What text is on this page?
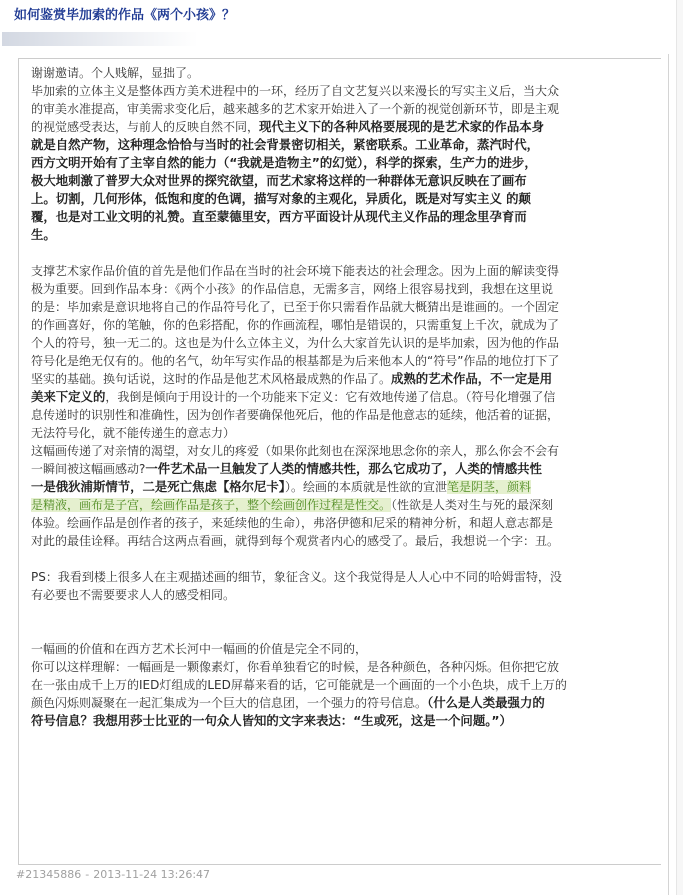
如何鉴赏毕加索的作品《两个小孩》？
谢谢邀请。个人贱解，显拙了。
毕加索的立体主义是整体西方美术进程中的一环，经历了自文艺复兴以来漫长的写实主义后，当大众
的审美水准提高，审美需求变化后，越来越多的艺术家开始进入了一个新的视觉创新环节，即是主观
的视觉感受表达，与前人的反映自然不同，现代主义下的各种风格要展现的是艺术家的作品本身
就是自然产物，这种理念恰恰与当时的社会背景密切相关，紧密联系。工业革命，蒸汽时代，
西方文明开始有了主宰自然的能力（“我就是造物主”的幻觉），科学的探索，生产力的进步，
极大地刺激了普罗大众对世界的探究欲望，而艺术家将这样的一种群体无意识反映在了画布
上。切割，几何形体，低饱和度的色调，描写对象的主观化，异质化，既是对写实主义 的颠
覆，也是对工业文明的礼赞。直至蒙德里安，西方平面设计从现代主义作品的理念里孕育而
生。
支撑艺术家作品价值的首先是他们作品在当时的社会环境下能表达的社会理念。因为上面的解读变得
极为重要。回到作品本身：《两个小孩》的作品信息，无需多言，网络上很容易找到，我想在这里说
的是：毕加索是意识地将自己的作品符号化了，已至于你只需看作品就大概猜出是谁画的。一个固定
的作画喜好，你的笔触，你的色彩搭配，你的作画流程，哪怕是错误的，只需重复上千次，就成为了
个人的符号，独一无二的。这也是为什么立体主义，为什么大家首先认识的是毕加索，因为他的作品
符号化是绝无仅有的。他的名气，幼年写实作品的根基都是为后来他本人的“符号”作品的地位打下了
坚实的基础。换句话说，这时的作品是他艺术风格最成熟的作品了。成熟的艺术作品，不一定是用
美来下定义的，我倒是倾向于用设计的一个功能来下定义：它有效地传递了信息。（符号化增强了信
息传递时的识别性和准确性，因为创作者要确保他死后，他的作品是他意志的延续，他活着的证据，
无法符号化，就不能传递生的意志力）
这幅画传递了对亲情的渴望，对女儿的疼爱（如果你此刻也在深深地思念你的亲人，那么你会不会有
一瞬间被这幅画感动?一件艺术品一旦触发了人类的情感共性，那么它成功了，人类的情感共性
一是俄狄浦斯情节，二是死亡焦虑【格尔尼卡】）。绘画的本质就是性欲的宣泄笔是阴茎，颜料
是精液，画布是子宫，绘画作品是孩子，整个绘画创作过程是性交。（性欲是人类对生与死的最深刻
体验。绘画作品是创作者的孩子，来延续他的生命），弗洛伊德和尼采的精神分析，和超人意志都是
对此的最佳诠释。再结合这两点看画，就得到每个观赏者内心的感受了。最后，我想说一个字：丑。
PS：我看到楼上很多人在主观描述画的细节，象征含义。这个我觉得是人人心中不同的哈姆雷特，没
有必要也不需要要求人人的感受相同。
一幅画的价值和在西方艺术长河中一幅画的价值是完全不同的，
你可以这样理解：一幅画是一颗像素灯，你看单独看它的时候，是各种颜色，各种闪烁。但你把它放
在一张由成千上万的IED灯组成的LED屏幕来看的话，它可能就是一个画面的一个小色块，成千上万的
颜色闪烁则凝聚在一起汇集成为一个巨大的信息团，一个强力的符号信息。（什么是人类最强力的
符号信息？我想用莎士比亚的一句众人皆知的文字来表达：“生或死，这是一个问题。”）
#21345886 - 2013-11-24 13:26:47
